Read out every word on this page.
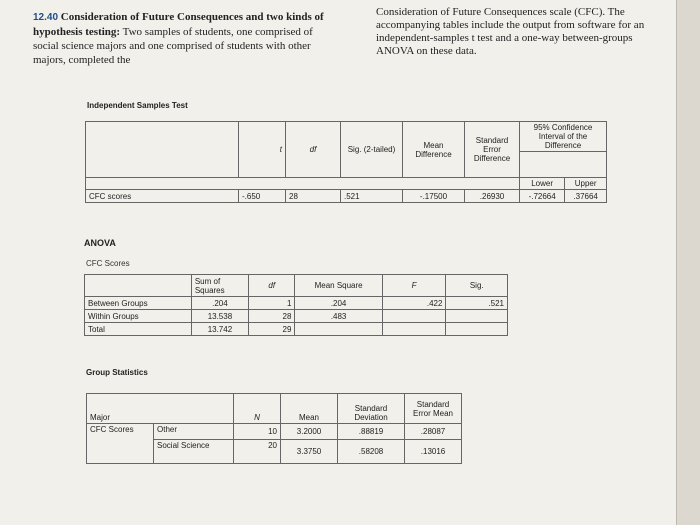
12.40 Consideration of Future Consequences and two kinds of hypothesis testing: Two samples of students, one comprised of social science majors and one comprised of students with other majors, completed the
Consideration of Future Consequences scale (CFC). The accompanying tables include the output from software for an independent-samples t test and a one-way between-groups ANOVA on these data.
Independent Samples Test
	t	df	Sig. (2-tailed)	Mean Difference	Standard Error Difference	95% Confidence Interval of the Difference	

						Lower	Upper
CFC scores	-.650	28	.521	-.17500	.26930	-.72664	.37664

ANOVA
CFC Scores
	Sum of Squares	df	Mean Square	F	Sig.
Between Groups	.204	1	.204	.422	.521
Within Groups	13.538	28	.483		
Total	13.742	29			
Group Statistics
Major		N	Mean	Standard Deviation	Standard Error Mean
CFC Scores	Other	10	3.2000	.88819	.28087
	Social Science	20	3.3750	.58208	.13016
